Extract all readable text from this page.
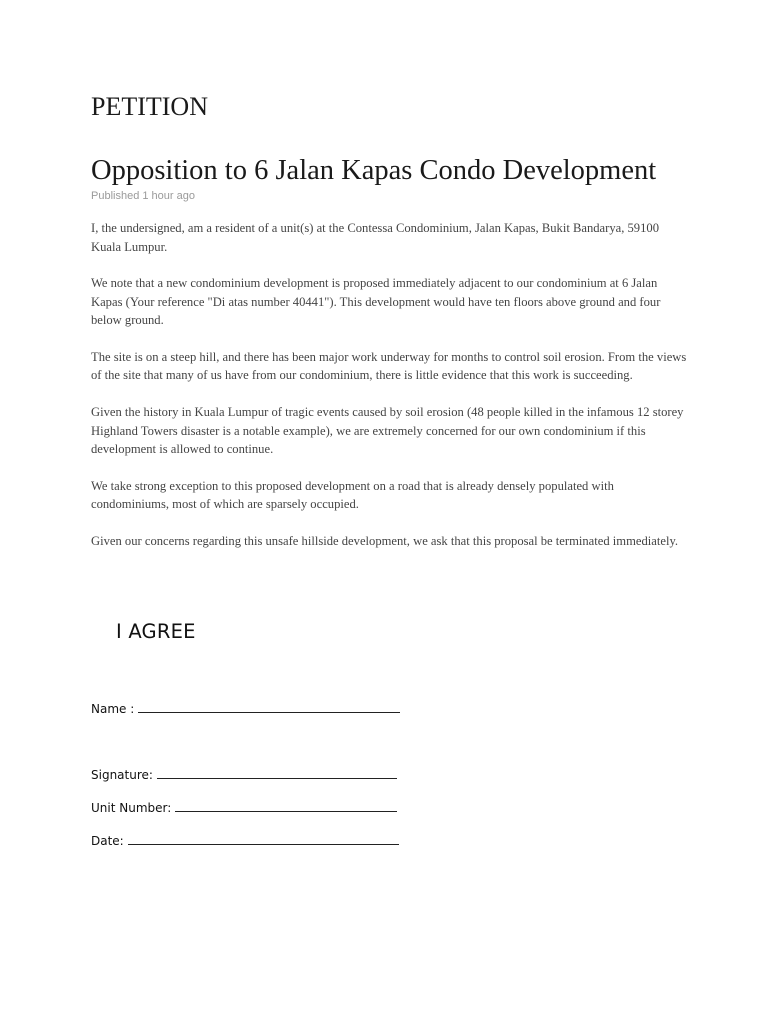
PETITION
Opposition to 6 Jalan Kapas Condo Development
Published 1 hour ago

I, the undersigned, am a resident of a unit(s) at the Contessa Condominium, Jalan Kapas, Bukit Bandarya, 59100 Kuala Lumpur.

We note that a new condominium development is proposed immediately adjacent to our condominium at 6 Jalan Kapas (Your reference "Di atas number 40441"). This development would have ten floors above ground and four below ground.

The site is on a steep hill, and there has been major work underway for months to control soil erosion. From the views of the site that many of us have from our condominium, there is little evidence that this work is succeeding.

Given the history in Kuala Lumpur of tragic events caused by soil erosion (48 people killed in the infamous 12 storey Highland Towers disaster is a notable example), we are extremely concerned for our own condominium if this development is allowed to continue.

We take strong exception to this proposed development on a road that is already densely populated with condominiums, most of which are sparsely occupied.

Given our concerns regarding this unsafe hillside development, we ask that this proposal be terminated immediately.

I AGREE
Name :
Signature:
Unit Number:
Date:
